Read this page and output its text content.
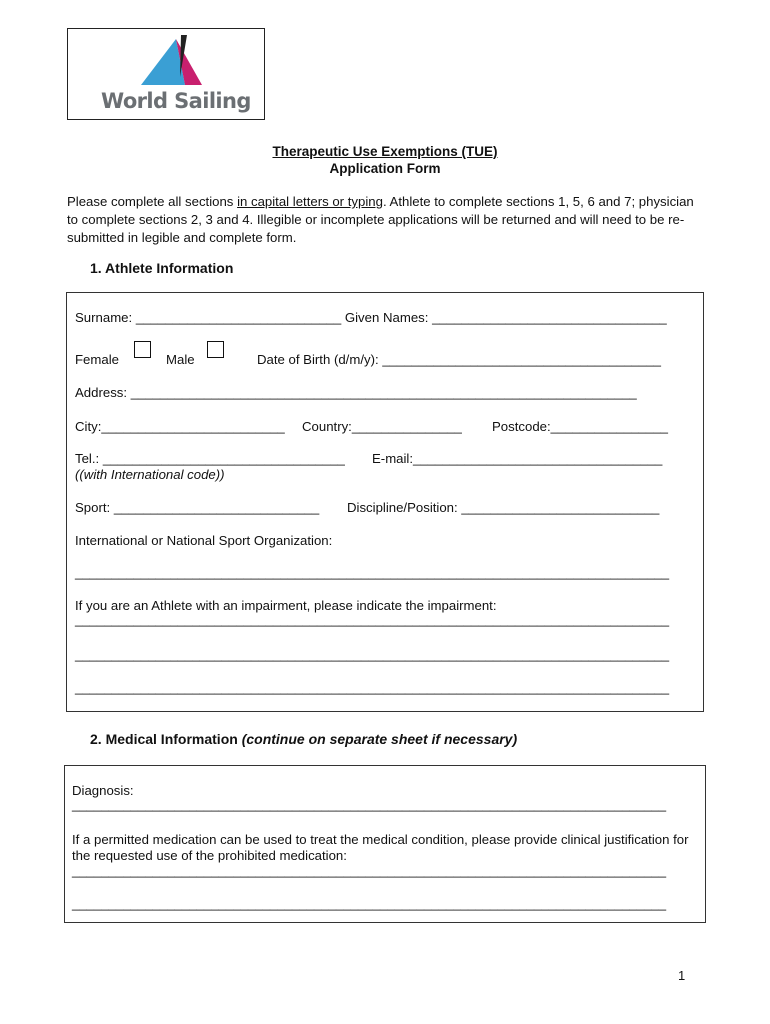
World Sailing
Therapeutic Use Exemptions (TUE)
Application Form
Please complete all sections in capital letters or typing. Athlete to complete sections 1, 5, 6 and 7; physician to complete sections 2, 3 and 4. Illegible or incomplete applications will be returned and will need to be re-submitted in legible and complete form.
1. Athlete Information
Surname: ____________________________ Given Names: ________________________________
Female	Male	Date of Birth (d/m/y): ______________________________________
Address: _____________________________________________________________________
City:_________________________ Country:_______________ Postcode:________________
Tel.: _________________________________
((with International code))
E-mail:__________________________________
Sport: ____________________________ Discipline/Position: ___________________________
International or National Sport Organization:
_________________________________________________________________________________
If you are an Athlete with an impairment, please indicate the impairment:
_________________________________________________________________________________
_________________________________________________________________________________
_________________________________________________________________________________
2. Medical Information (continue on separate sheet if necessary)
Diagnosis:
_________________________________________________________________________________
If a permitted medication can be used to treat the medical condition, please provide clinical justification for the requested use of the prohibited medication:
_________________________________________________________________________________
_________________________________________________________________________________
1
